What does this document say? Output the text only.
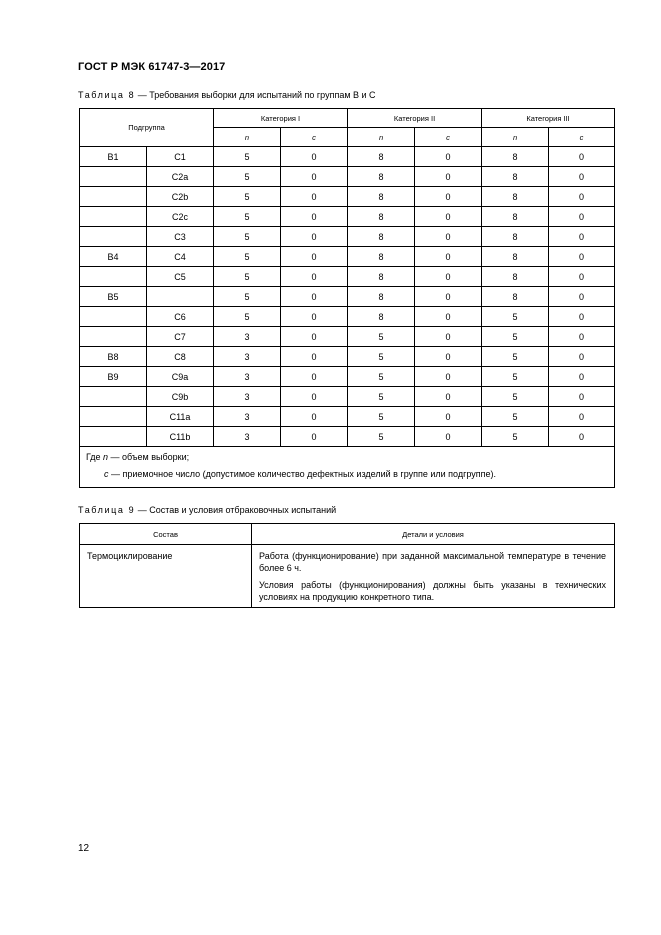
ГОСТ Р МЭК 61747-3—2017
Таблица 8 — Требования выборки для испытаний по группам В и С
Подгруппа		Категория I		Категория II		Категория III	
		n	c	n	c	n	c
B1	C1	5	0	8	0	8	0
	C2a	5	0	8	0	8	0
	C2b	5	0	8	0	8	0
	C2c	5	0	8	0	8	0
	C3	5	0	8	0	8	0
B4	C4	5	0	8	0	8	0
	C5	5	0	8	0	8	0
B5		5	0	8	0	8	0
	C6	5	0	8	0	5	0
	C7	3	0	5	0	5	0
B8	C8	3	0	5	0	5	0
B9	C9a	3	0	5	0	5	0
	C9b	3	0	5	0	5	0
	C11a	3	0	5	0	5	0
	C11b	3	0	5	0	5	0

Где n — объем выборки;
c — приемочное число (допустимое количество дефектных изделий в группе или подгруппе).							
Таблица 9 — Состав и условия отбраковочных испытаний
Состав	Детали и условия
Термоциклирование	Работа (функционирование) при заданной максимальной температуре в течение более 6 ч.

Условия работы (функционирования) должны быть указаны в технических условиях на продукцию конкретного типа.

12
